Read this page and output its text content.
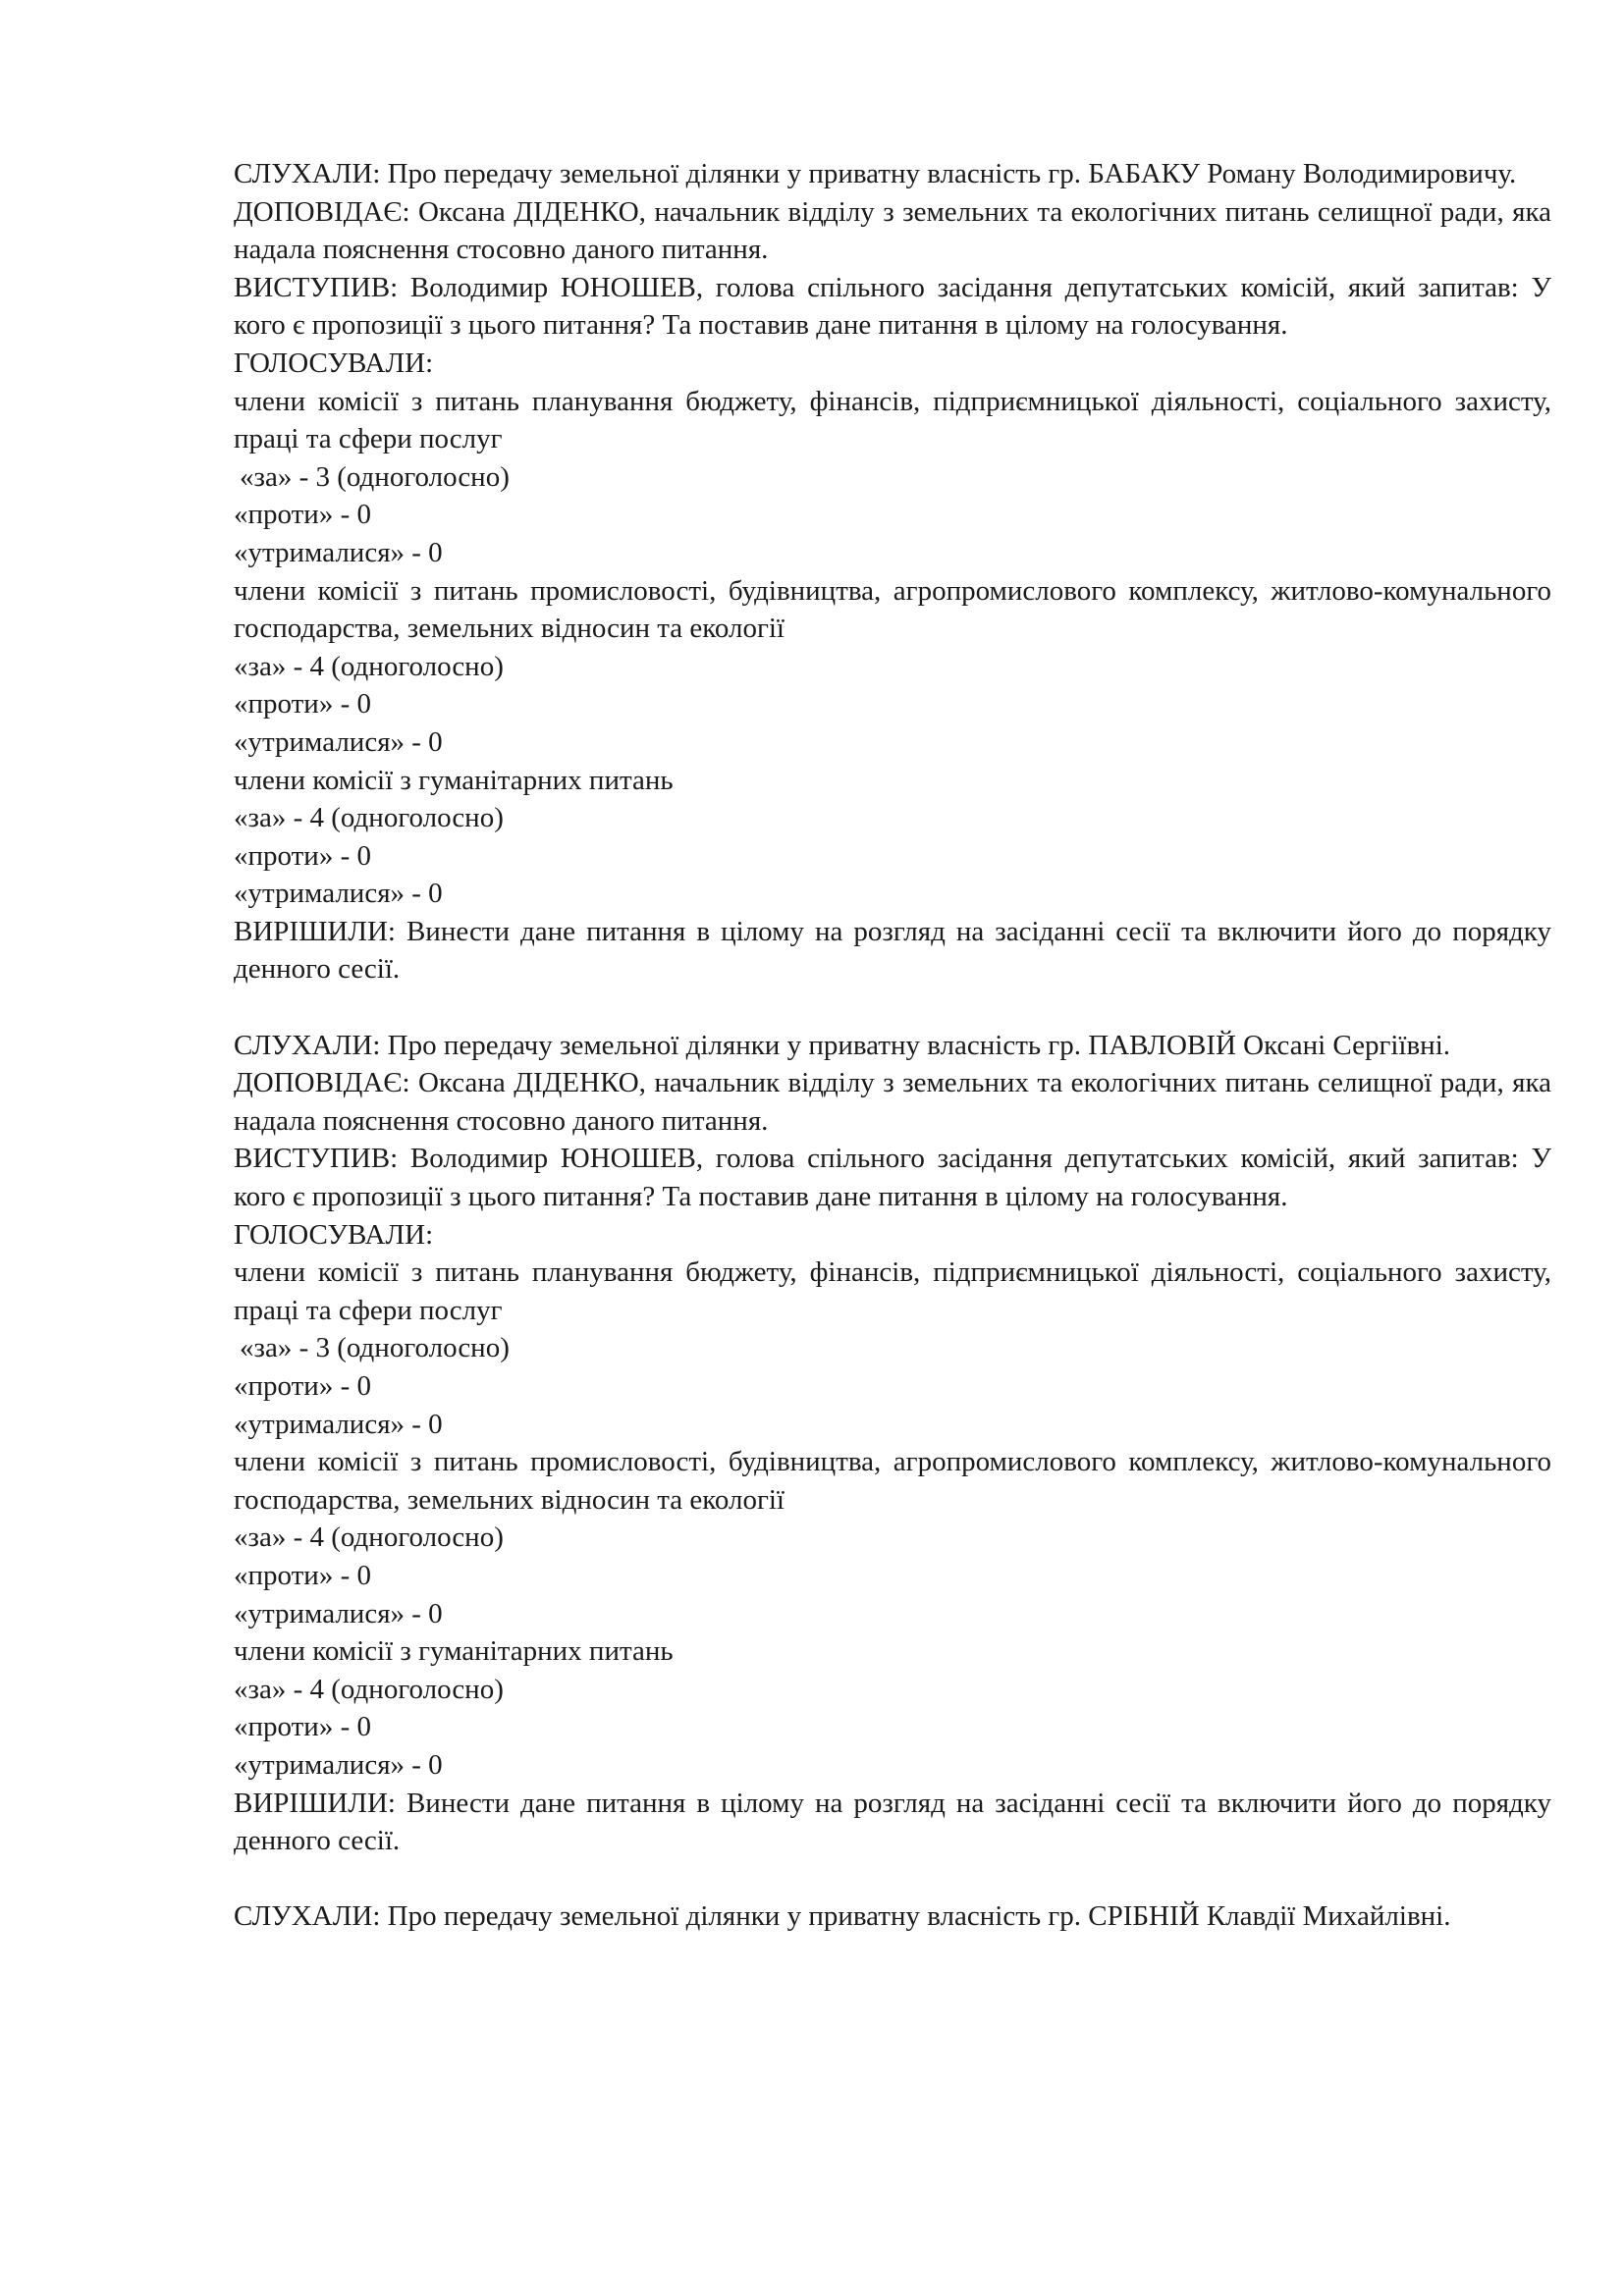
СЛУХАЛИ: Про передачу земельної ділянки у приватну власність гр. БАБАКУ Роману Володимировичу.

ДОПОВІДАЄ: Оксана ДІДЕНКО, начальник відділу з земельних та екологічних питань селищної ради, яка надала пояснення стосовно даного питання.

ВИСТУПИВ: Володимир ЮНОШЕВ, голова спільного засідання депутатських комісій, який запитав: У кого є пропозиції з цього питання? Та поставив дане питання в цілому на голосування.

ГОЛОСУВАЛИ:

члени комісії з питань планування бюджету, фінансів, підприємницької діяльності, соціального захисту, праці та сфери послуг

«за» - 3 (одноголосно)

«проти» - 0

«утрималися» - 0

члени комісії з питань промисловості, будівництва, агропромислового комплексу, житлово-комунального господарства, земельних відносин та екології

«за» - 4 (одноголосно)

«проти» - 0

«утрималися» - 0

члени комісії з гуманітарних питань

«за» - 4 (одноголосно)

«проти» - 0

«утрималися» - 0

ВИРІШИЛИ: Винести дане питання в цілому на розгляд на засіданні сесії та включити його до порядку денного сесії.

СЛУХАЛИ: Про передачу земельної ділянки у приватну власність гр. ПАВЛОВІЙ Оксані Сергіївні.

ДОПОВІДАЄ: Оксана ДІДЕНКО, начальник відділу з земельних та екологічних питань селищної ради, яка надала пояснення стосовно даного питання.

ВИСТУПИВ: Володимир ЮНОШЕВ, голова спільного засідання депутатських комісій, який запитав: У кого є пропозиції з цього питання? Та поставив дане питання в цілому на голосування.

ГОЛОСУВАЛИ:

члени комісії з питань планування бюджету, фінансів, підприємницької діяльності, соціального захисту, праці та сфери послуг

«за» - 3 (одноголосно)

«проти» - 0

«утрималися» - 0

члени комісії з питань промисловості, будівництва, агропромислового комплексу, житлово-комунального господарства, земельних відносин та екології

«за» - 4 (одноголосно)

«проти» - 0

«утрималися» - 0

члени комісії з гуманітарних питань

«за» - 4 (одноголосно)

«проти» - 0

«утрималися» - 0

ВИРІШИЛИ: Винести дане питання в цілому на розгляд на засіданні сесії та включити його до порядку денного сесії.

СЛУХАЛИ: Про передачу земельної ділянки у приватну власність гр. СРІБНІЙ Клавдії Михайлівні.
